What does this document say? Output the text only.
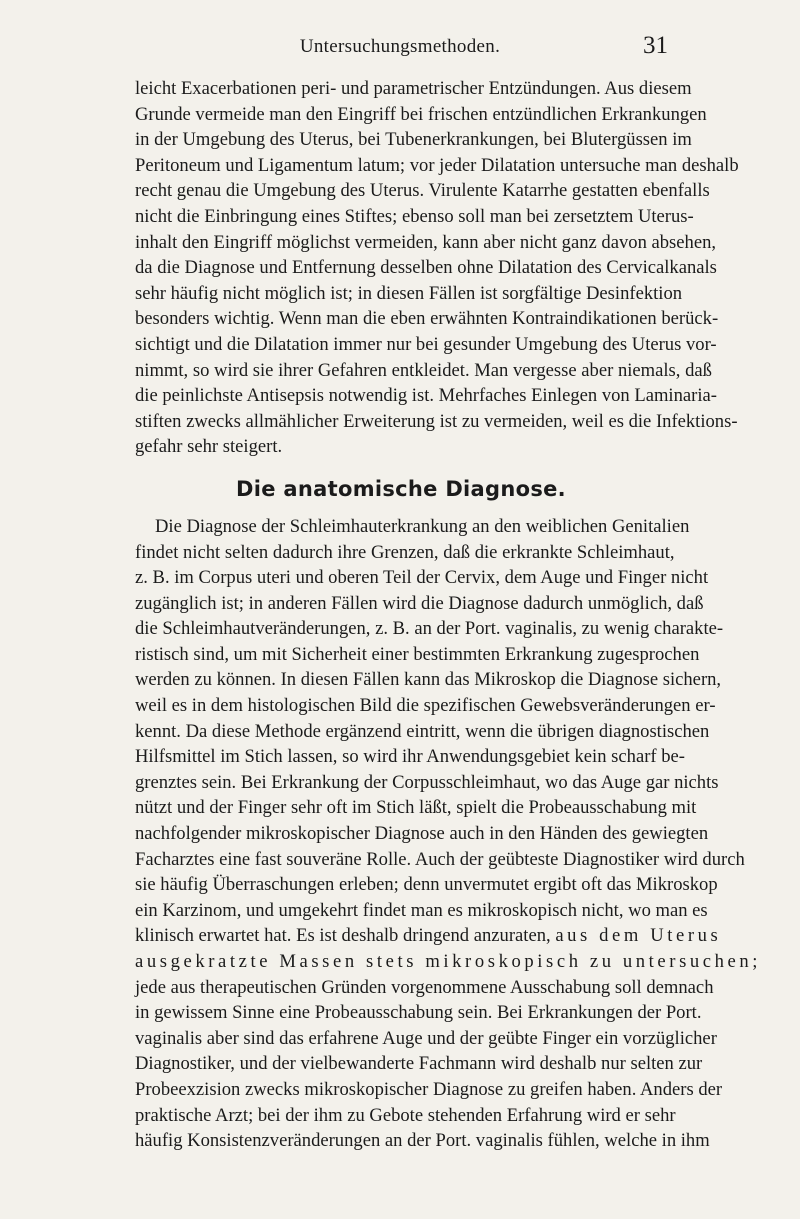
Untersuchungsmethoden.	31
leicht Exacerbationen peri- und parametrischer Entzündungen. Aus diesem
Grunde vermeide man den Eingriff bei frischen entzündlichen Erkrankungen
in der Umgebung des Uterus, bei Tubenerkrankungen, bei Blutergüssen im
Peritoneum und Ligamentum latum; vor jeder Dilatation untersuche man deshalb
recht genau die Umgebung des Uterus. Virulente Katarrhe gestatten ebenfalls
nicht die Einbringung eines Stiftes; ebenso soll man bei zersetztem Uterus-
inhalt den Eingriff möglichst vermeiden, kann aber nicht ganz davon absehen,
da die Diagnose und Entfernung desselben ohne Dilatation des Cervicalkanals
sehr häufig nicht möglich ist; in diesen Fällen ist sorgfältige Desinfektion
besonders wichtig. Wenn man die eben erwähnten Kontraindikationen berück-
sichtigt und die Dilatation immer nur bei gesunder Umgebung des Uterus vor-
nimmt, so wird sie ihrer Gefahren entkleidet. Man vergesse aber niemals, daß
die peinlichste Antisepsis notwendig ist. Mehrfaches Einlegen von Laminaria-
stiften zwecks allmählicher Erweiterung ist zu vermeiden, weil es die Infektions-
gefahr sehr steigert.
Die anatomische Diagnose.
Die Diagnose der Schleimhauterkrankung an den weiblichen Genitalien
findet nicht selten dadurch ihre Grenzen, daß die erkrankte Schleimhaut,
z. B. im Corpus uteri und oberen Teil der Cervix, dem Auge und Finger nicht
zugänglich ist; in anderen Fällen wird die Diagnose dadurch unmöglich, daß
die Schleimhautveränderungen, z. B. an der Port. vaginalis, zu wenig charakte-
ristisch sind, um mit Sicherheit einer bestimmten Erkrankung zugesprochen
werden zu können. In diesen Fällen kann das Mikroskop die Diagnose sichern,
weil es in dem histologischen Bild die spezifischen Gewebsveränderungen er-
kennt. Da diese Methode ergänzend eintritt, wenn die übrigen diagnostischen
Hilfsmittel im Stich lassen, so wird ihr Anwendungsgebiet kein scharf be-
grenztes sein. Bei Erkrankung der Corpusschleimhaut, wo das Auge gar nichts
nützt und der Finger sehr oft im Stich läßt, spielt die Probeausschabung mit
nachfolgender mikroskopischer Diagnose auch in den Händen des gewiegten
Facharztes eine fast souveräne Rolle. Auch der geübteste Diagnostiker wird durch
sie häufig Überraschungen erleben; denn unvermutet ergibt oft das Mikroskop
ein Karzinom, und umgekehrt findet man es mikroskopisch nicht, wo man es
klinisch erwartet hat. Es ist deshalb dringend anzuraten, aus dem Uterus
ausgekratzte Massen stets mikroskopisch zu untersuchen;
jede aus therapeutischen Gründen vorgenommene Ausschabung soll demnach
in gewissem Sinne eine Probeausschabung sein. Bei Erkrankungen der Port.
vaginalis aber sind das erfahrene Auge und der geübte Finger ein vorzüglicher
Diagnostiker, und der vielbewanderte Fachmann wird deshalb nur selten zur
Probeexzision zwecks mikroskopischer Diagnose zu greifen haben. Anders der
praktische Arzt; bei der ihm zu Gebote stehenden Erfahrung wird er sehr
häufig Konsistenzveränderungen an der Port. vaginalis fühlen, welche in ihm
